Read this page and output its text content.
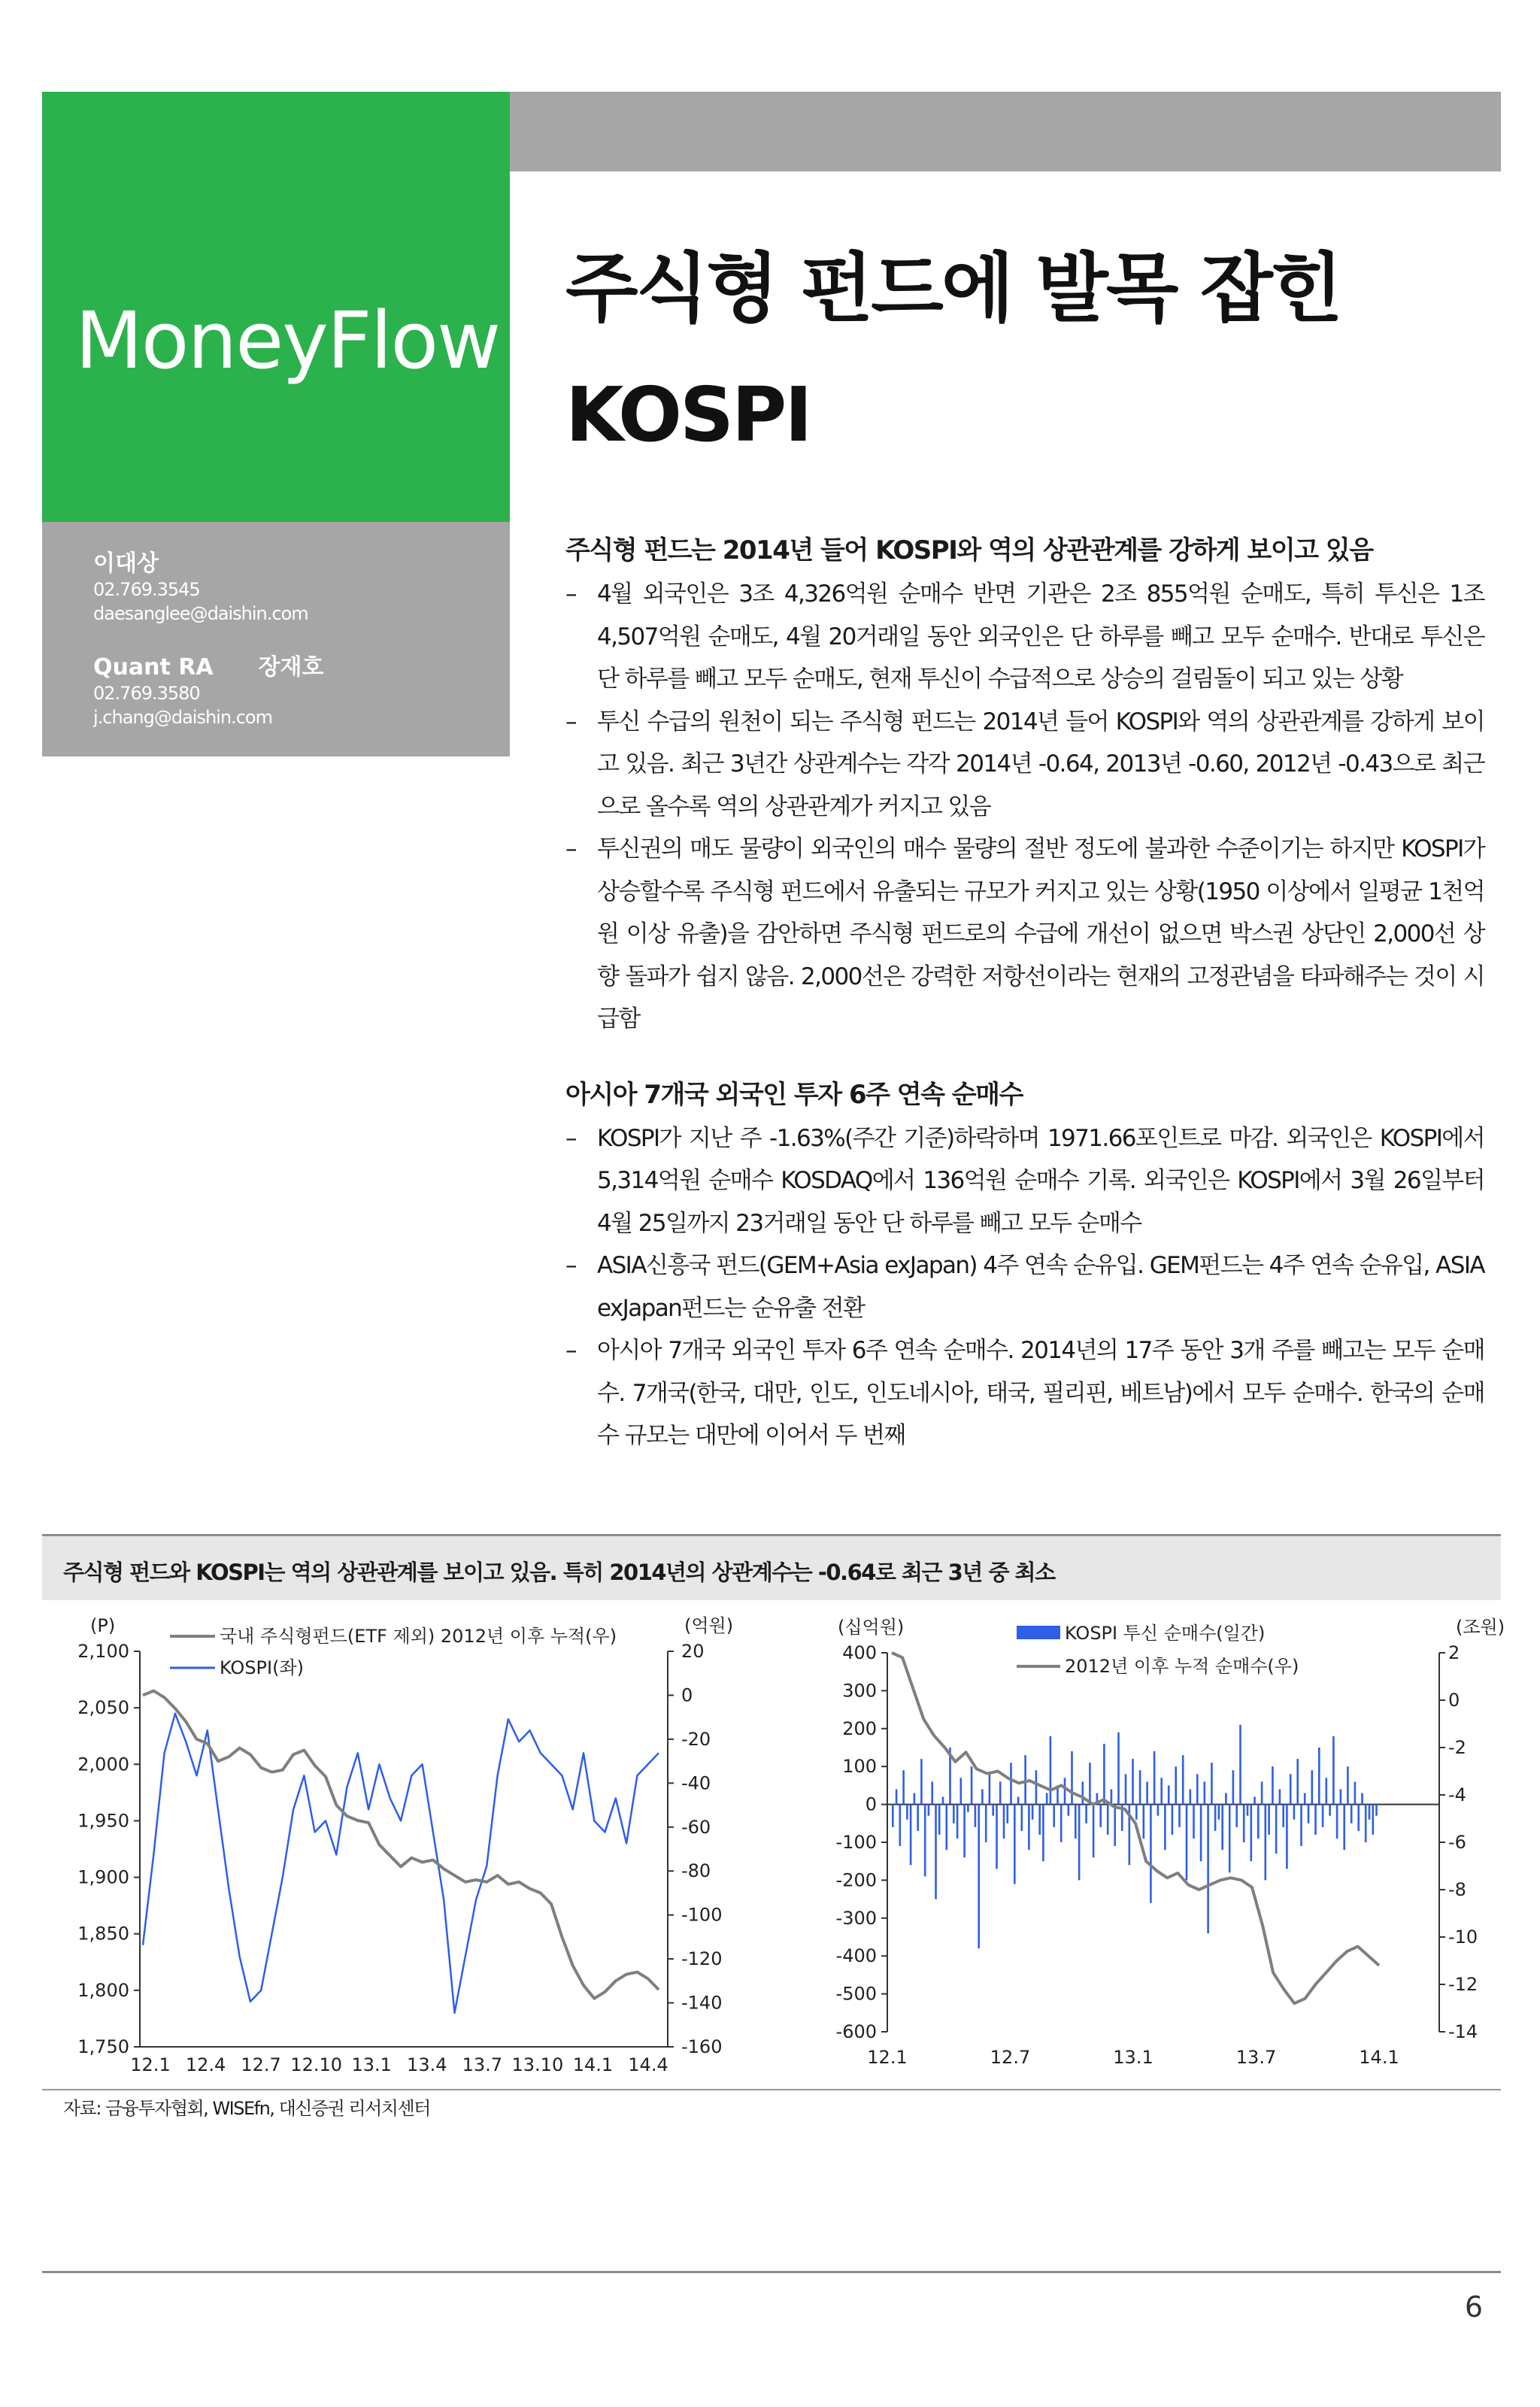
MoneyFlow
이대상
02.769.3545
daesanglee@daishin.com
Quant RA 장재호
02.769.3580
j.chang@daishin.com
주식형 펀드에 발목 잡힌
KOSPI
주식형 펀드는 2014년 들어 KOSPI와 역의 상관관계를 강하게 보이고 있음
– 4월 외국인은 3조 4,326억원 순매수 반면 기관은 2조 855억원 순매도, 특히 투신은 1조 4,507억원 순매도, 4월 20거래일 동안 외국인은 단 하루를 빼고 모두 순매수. 반대로 투신은 단 하루를 빼고 모두 순매도, 현재 투신이 수급적으로 상승의 걸림돌이 되고 있는 상황
– 투신 수급의 원천이 되는 주식형 펀드는 2014년 들어 KOSPI와 역의 상관관계를 강하게 보이고 있음. 최근 3년간 상관계수는 각각 2014년 -0.64, 2013년 -0.60, 2012년 -0.43으로 최근으로 올수록 역의 상관관계가 커지고 있음
– 투신권의 매도 물량이 외국인의 매수 물량의 절반 정도에 불과한 수준이기는 하지만 KOSPI가 상승할수록 주식형 펀드에서 유출되는 규모가 커지고 있는 상황(1950 이상에서 일평균 1천억원 이상 유출)을 감안하면 주식형 펀드로의 수급에 개선이 없으면 박스권 상단인 2,000선 상향 돌파가 쉽지 않음. 2,000선은 강력한 저항선이라는 현재의 고정관념을 타파해주는 것이 시급함
아시아 7개국 외국인 투자 6주 연속 순매수
– KOSPI가 지난 주 -1.63%(주간 기준)하락하며 1971.66포인트로 마감. 외국인은 KOSPI에서 5,314억원 순매수 KOSDAQ에서 136억원 순매수 기록. 외국인은 KOSPI에서 3월 26일부터 4월 25일까지 23거래일 동안 단 하루를 빼고 모두 순매수
– ASIA신흥국 펀드(GEM+Asia exJapan) 4주 연속 순유입. GEM펀드는 4주 연속 순유입, ASIA exJapan펀드는 순유출 전환
– 아시아 7개국 외국인 투자 6주 연속 순매수. 2014년의 17주 동안 3개 주를 빼고는 모두 순매수. 7개국(한국, 대만, 인도, 인도네시아, 태국, 필리핀, 베트남)에서 모두 순매수. 한국의 순매수 규모는 대만에 이어서 두 번째
주식형 펀드와 KOSPI는 역의 상관관계를 보이고 있음. 특히 2014년의 상관계수는 -0.64로 최근 3년 중 최소
(P)	(억원)
2,100
2,050
2,000
1,950
1,900
1,850
1,800
1,750
20
0
-20
-40
-60
-80
-100
-120
-140
-160
12.1 12.4 12.7 12.10 13.1 13.4 13.7 13.10 14.1 14.4
국내 주식형펀드(ETF 제외) 2012년 이후 누적(우)
KOSPI(좌)
(십억원)	(조원)
400
300
200
100
0
-100
-200
-300
-400
-500
-600
2
0
-2
-4
-6
-8
-10
-12
-14
12.1	12.7	13.1	13.7	14.1
KOSPI 투신 순매수(일간)
2012년 이후 누적 순매수(우)
자료: 금융투자협회, WISEfn, 대신증권 리서치센터
6
